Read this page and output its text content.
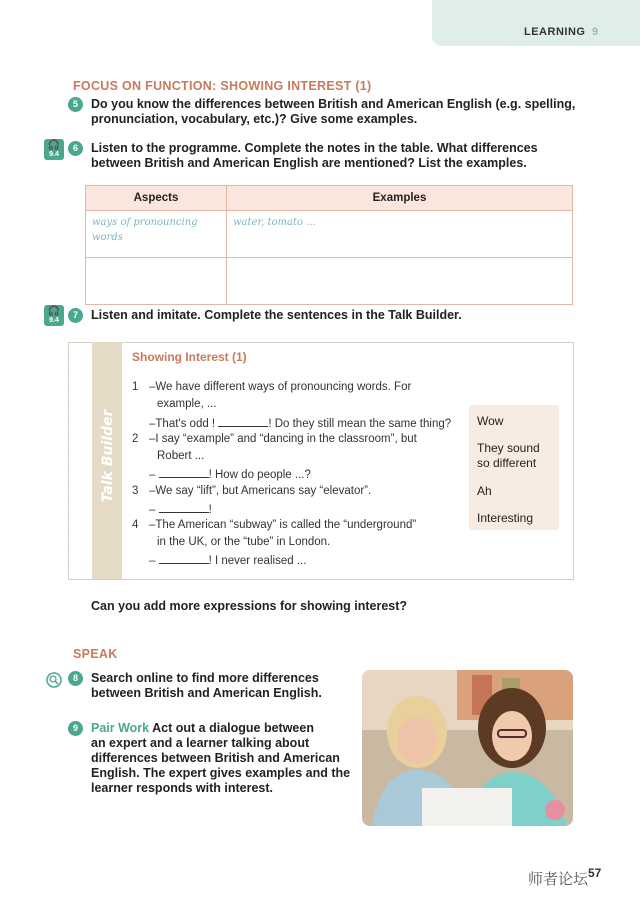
LEARNING 9
FOCUS ON FUNCTION: SHOWING INTEREST (1)
5	Do you know the differences between British and American English (e.g. spelling,
pronunciation, vocabulary, etc.)? Give some examples.
🎧
9.4
6	Listen to the programme. Complete the notes in the table. What differences
between British and American English are mentioned? List the examples.
Aspects	Examples

ways of pronouncing
words	water, tomato ...

🎧
9.4
7	Listen and imitate. Complete the sentences in the Talk Builder.
Talk Builder
Showing Interest (1)
1 –We have different ways of pronouncing words. For
example, ...
–That's odd !	! Do they still mean the same thing?
2 –I say “example” and “dancing in the classroom”, but
Robert ...
–	! How do people ...?
3 –We say “lift”, but Americans say “elevator”.
–	!
4 –The American “subway” is called the “underground”
in the UK, or the “tube” in London.
–	! I never realised ...
Wow
They sound
so different
Ah
Interesting
Can you add more expressions for showing interest?
SPEAK
8	Search online to find more differences
between British and American English.
9	Pair Work Act out a dialogue between
an expert and a learner talking about
differences between British and American
English. The expert gives examples and the
learner responds with interest.
师者论坛 57
